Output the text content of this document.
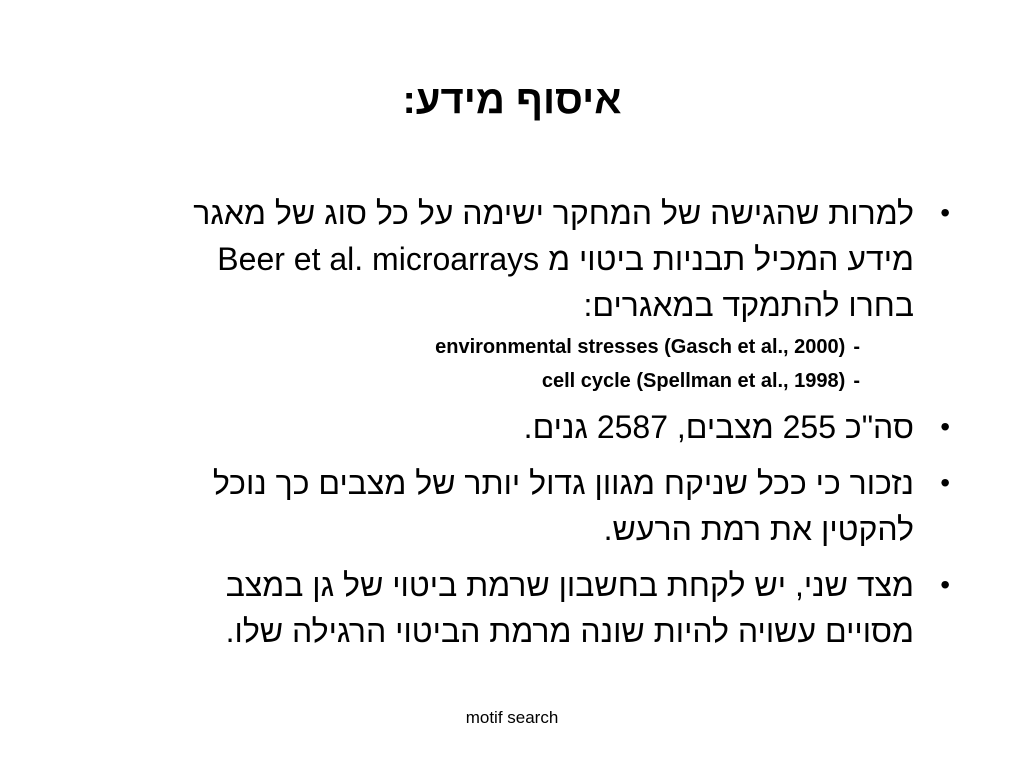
איסוף מידע:
•
למרות שהגישה של המחקר ישימה על כל סוג של מאגר
מידע המכיל תבניות ביטוי מ Beer et al. microarrays
בחרו להתמקד במאגרים:
-environmental stresses (Gasch et al., 2000)
-cell cycle (Spellman et al., 1998)
•
סה"כ 255 מצבים, 2587 גנים.
•
נזכור כי ככל שניקח מגוון גדול יותר של מצבים כך נוכל
להקטין את רמת הרעש.
•
מצד שני, יש לקחת בחשבון שרמת ביטוי של גן במצב
מסויים עשויה להיות שונה מרמת הביטוי הרגילה שלו.
motif search
